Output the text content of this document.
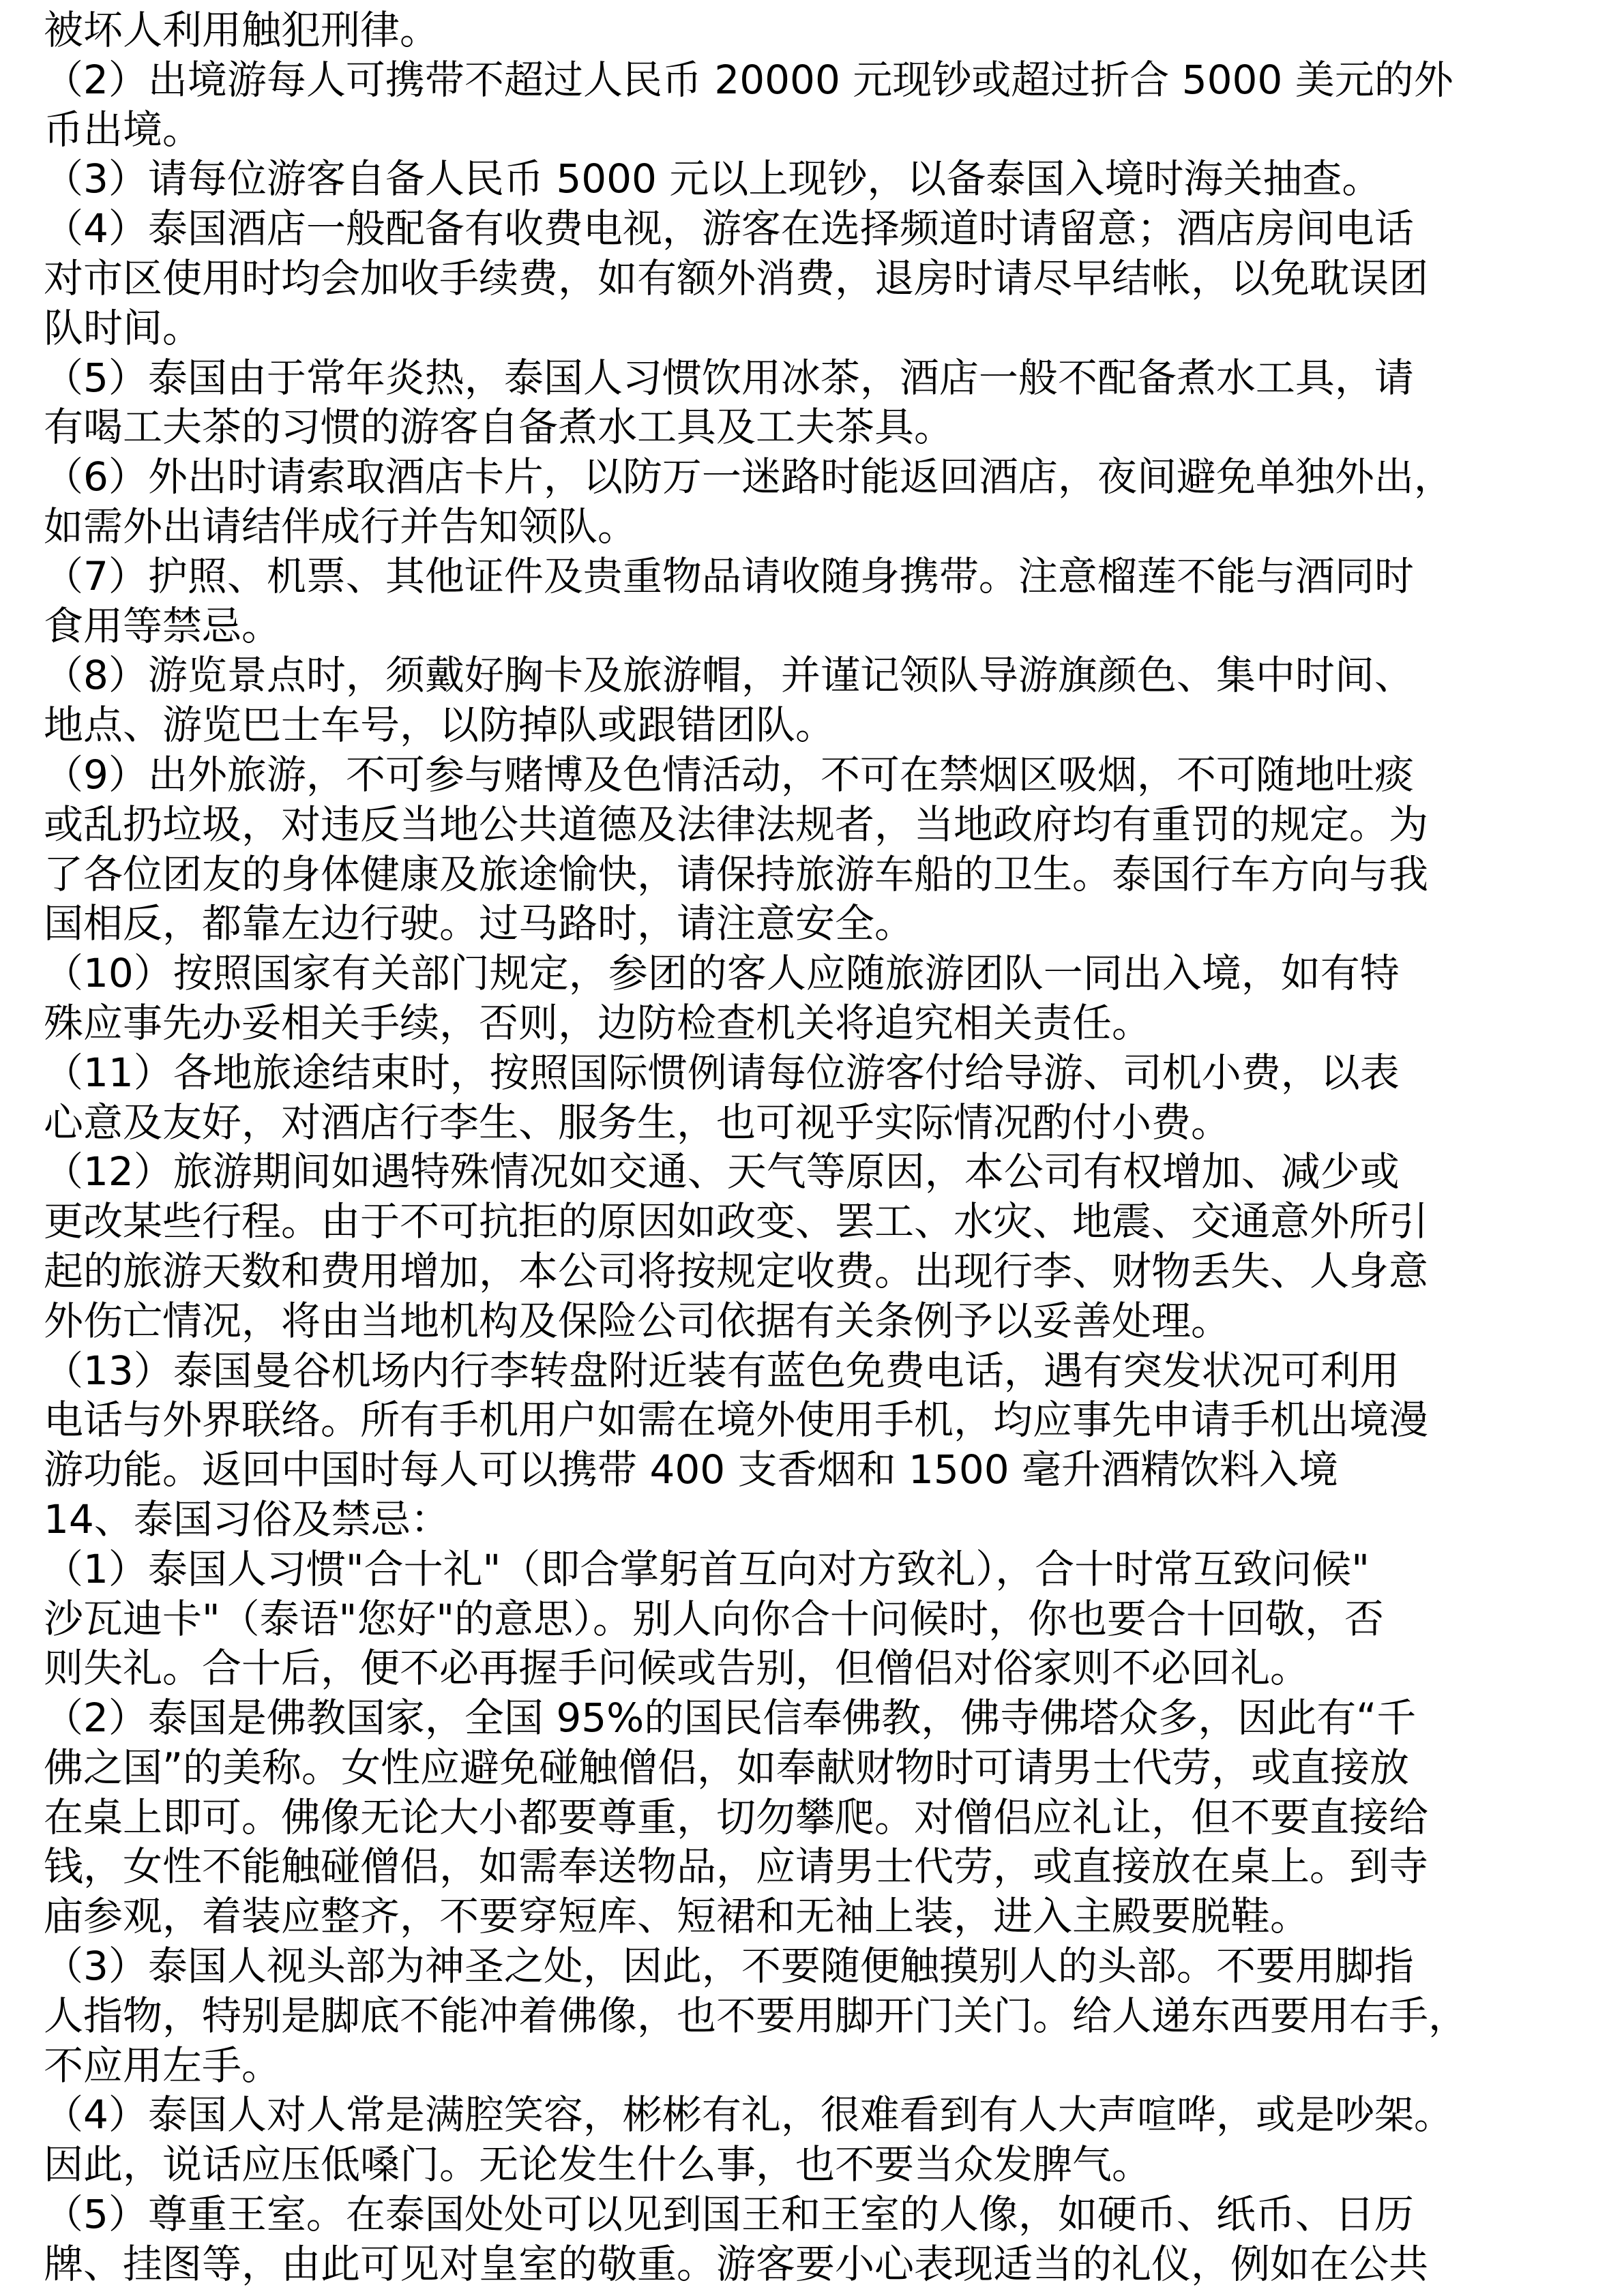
被坏人利用触犯刑律。
（2）出境游每人可携带不超过人民币 20000 元现钞或超过折合 5000 美元的外
币出境。
（3）请每位游客自备人民币 5000 元以上现钞，以备泰国入境时海关抽查。
（4）泰国酒店一般配备有收费电视，游客在选择频道时请留意；酒店房间电话
对市区使用时均会加收手续费，如有额外消费，退房时请尽早结帐，以免耽误团
队时间。
（5）泰国由于常年炎热，泰国人习惯饮用冰茶，酒店一般不配备煮水工具，请
有喝工夫茶的习惯的游客自备煮水工具及工夫茶具。
（6）外出时请索取酒店卡片，以防万一迷路时能返回酒店，夜间避免单独外出，
如需外出请结伴成行并告知领队。
（7）护照、机票、其他证件及贵重物品请收随身携带。注意榴莲不能与酒同时
食用等禁忌。
（8）游览景点时，须戴好胸卡及旅游帽，并谨记领队导游旗颜色、集中时间、
地点、游览巴士车号，以防掉队或跟错团队。
（9）出外旅游，不可参与赌博及色情活动，不可在禁烟区吸烟，不可随地吐痰
或乱扔垃圾，对违反当地公共道德及法律法规者，当地政府均有重罚的规定。为
了各位团友的身体健康及旅途愉快，请保持旅游车船的卫生。泰国行车方向与我
国相反，都靠左边行驶。过马路时，请注意安全。
（10）按照国家有关部门规定，参团的客人应随旅游团队一同出入境，如有特
殊应事先办妥相关手续，否则，边防检查机关将追究相关责任。
（11）各地旅途结束时，按照国际惯例请每位游客付给导游、司机小费，以表
心意及友好，对酒店行李生、服务生，也可视乎实际情况酌付小费。
（12）旅游期间如遇特殊情况如交通、天气等原因，本公司有权增加、减少或
更改某些行程。由于不可抗拒的原因如政变、罢工、水灾、地震、交通意外所引
起的旅游天数和费用增加，本公司将按规定收费。出现行李、财物丢失、人身意
外伤亡情况，将由当地机构及保险公司依据有关条例予以妥善处理。
（13）泰国曼谷机场内行李转盘附近装有蓝色免费电话，遇有突发状况可利用
电话与外界联络。所有手机用户如需在境外使用手机，均应事先申请手机出境漫
游功能。返回中国时每人可以携带 400 支香烟和 1500 毫升酒精饮料入境
14、泰国习俗及禁忌：
（1）泰国人习惯"合十礼"（即合掌躬首互向对方致礼），合十时常互致问候"
沙瓦迪卡"（泰语"您好"的意思）。别人向你合十问候时，你也要合十回敬，否
则失礼。合十后，便不必再握手问候或告别，但僧侣对俗家则不必回礼。
（2）泰国是佛教国家，全国 95%的国民信奉佛教，佛寺佛塔众多，因此有“千
佛之国”的美称。女性应避免碰触僧侣，如奉献财物时可请男士代劳，或直接放
在桌上即可。佛像无论大小都要尊重，切勿攀爬。对僧侣应礼让，但不要直接给
钱，女性不能触碰僧侣，如需奉送物品，应请男士代劳，或直接放在桌上。到寺
庙参观，着装应整齐，不要穿短库、短裙和无袖上装，进入主殿要脱鞋。
（3）泰国人视头部为神圣之处，因此，不要随便触摸别人的头部。不要用脚指
人指物，特别是脚底不能冲着佛像，也不要用脚开门关门。给人递东西要用右手，
不应用左手。
（4）泰国人对人常是满腔笑容，彬彬有礼，很难看到有人大声喧哗，或是吵架。
因此，说话应压低嗓门。无论发生什么事，也不要当众发脾气。
（5）尊重王室。在泰国处处可以见到国王和王室的人像，如硬币、纸币、日历
牌、挂图等，由此可见对皇室的敬重。游客要小心表现适当的礼仪，例如在公共
